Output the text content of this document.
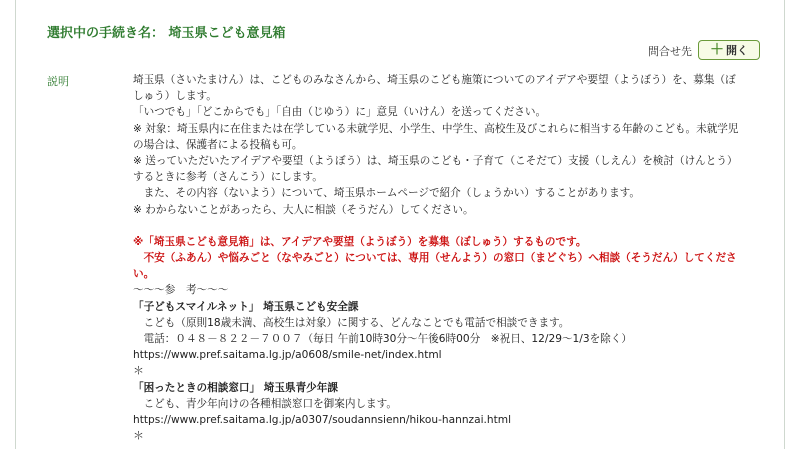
選択中の手続き名： 埼玉県こども意見箱
問合せ先 ＋ 開く
説明	埼玉県（さいたまけん）は、こどものみなさんから、埼玉県のこども施策についてのアイデアや要望（ようぼう）を、募集（ぼ
しゅう）します。
「いつでも」「どこからでも」「自由（じゆう）に」意見（いけん）を送ってください。
※ 対象：埼玉県内に在住または在学している未就学児、小学生、中学生、高校生及びこれらに相当する年齢のこども。未就学児
の場合は、保護者による投稿も可。
※ 送っていただいたアイデアや要望（ようぼう）は、埼玉県のこども・子育て（こそだて）支援（しえん）を検討（けんとう）
するときに参考（さんこう）にします。
　また、その内容（ないよう）について、埼玉県ホームページで紹介（しょうかい）することがあります。
※ わからないことがあったら、大人に相談（そうだん）してください。
※「埼玉県こども意見箱」は、アイデアや要望（ようぼう）を募集（ぼしゅう）するものです。
　不安（ふあん）や悩みごと（なやみごと）については、専用（せんよう）の窓口（まどぐち）へ相談（そうだん）してくださ
い。
〜〜〜参　考〜〜〜
「子どもスマイルネット」 埼玉県こども安全課
　こども（原則18歳未満、高校生は対象）に関する、どんなことでも電話で相談できます。
　電話：０４８－８２２－７００７（毎日 午前10時30分〜午後6時00分　※祝日、12/29〜1/3を除く）
https://www.pref.saitama.lg.jp/a0608/smile-net/index.html
＊
「困ったときの相談窓口」 埼玉県青少年課
　こども、青少年向けの各種相談窓口を御案内します。
https://www.pref.saitama.lg.jp/a0307/soudannsienn/hikou-hannzai.html
＊
